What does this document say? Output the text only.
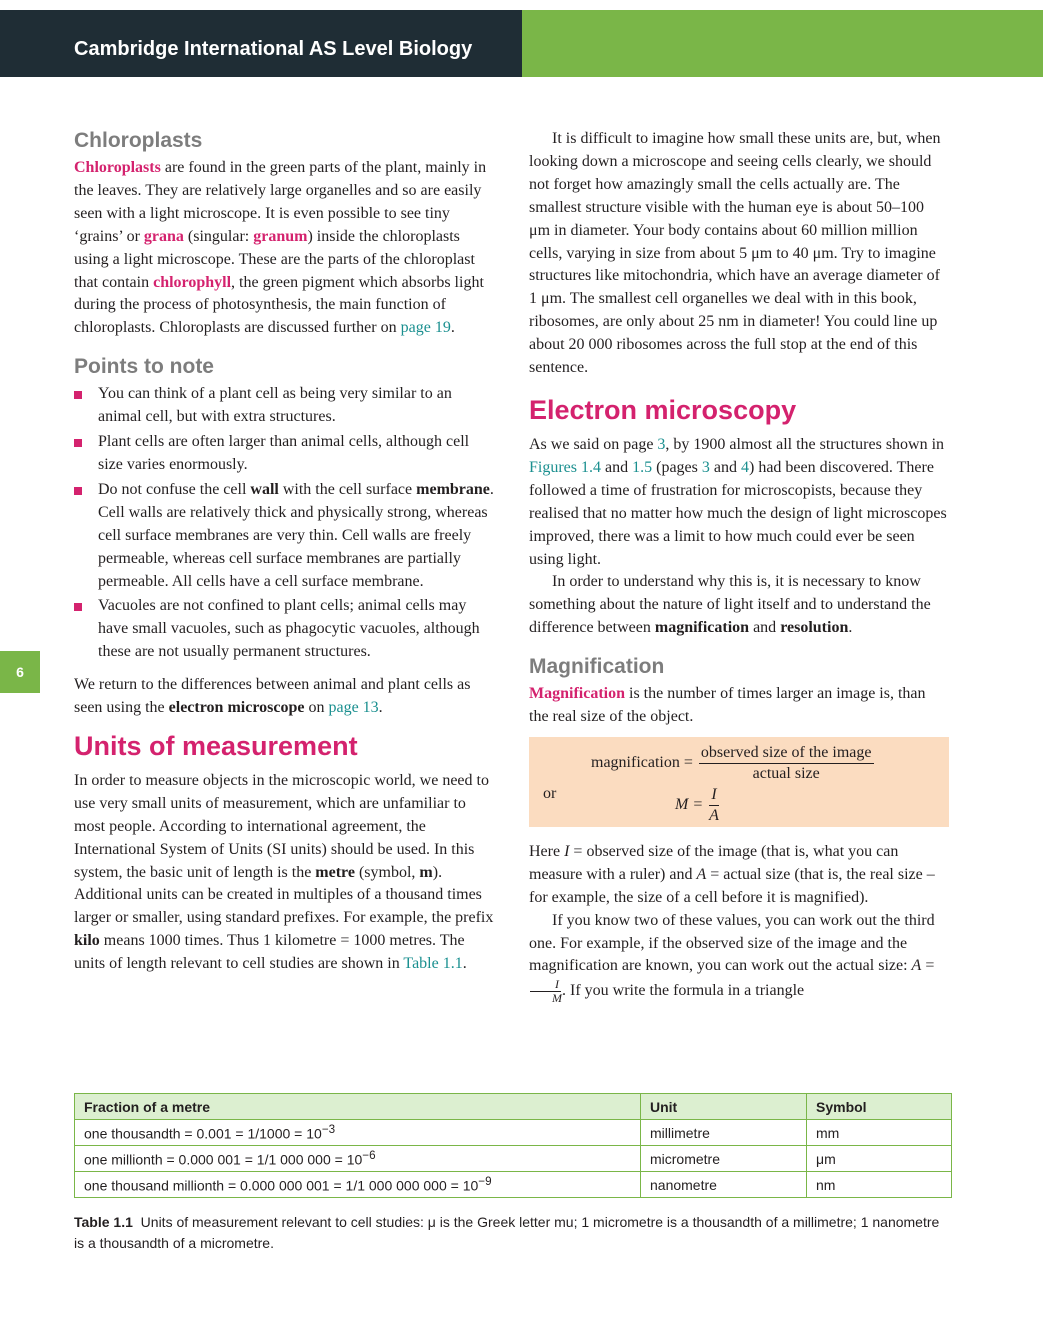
Cambridge International AS Level Biology
6
Chloroplasts

Chloroplasts are found in the green parts of the plant, mainly in the leaves. They are relatively large organelles and so are easily seen with a light microscope. It is even possible to see tiny ‘grains’ or grana (singular: granum) inside the chloroplasts using a light microscope. These are the parts of the chloroplast that contain chlorophyll, the green pigment which absorbs light during the process of photosynthesis, the main function of chloroplasts. Chloroplasts are discussed further on page 19.

Points to note
You can think of a plant cell as being very similar to an animal cell, but with extra structures.
Plant cells are often larger than animal cells, although cell size varies enormously.
Do not confuse the cell wall with the cell surface membrane. Cell walls are relatively thick and physically strong, whereas cell surface membranes are very thin. Cell walls are freely permeable, whereas cell surface membranes are partially permeable. All cells have a cell surface membrane.
Vacuoles are not confined to plant cells; animal cells may have small vacuoles, such as phagocytic vacuoles, although these are not usually permanent structures.

We return to the differences between animal and plant cells as seen using the electron microscope on page 13.

Units of measurement

In order to measure objects in the microscopic world, we need to use very small units of measurement, which are unfamiliar to most people. According to international agreement, the International System of Units (SI units) should be used. In this system, the basic unit of length is the metre (symbol, m). Additional units can be created in multiples of a thousand times larger or smaller, using standard prefixes. For example, the prefix kilo means 1000 times. Thus 1 kilometre = 1000 metres. The units of length relevant to cell studies are shown in Table 1.1.

It is difficult to imagine how small these units are, but, when looking down a microscope and seeing cells clearly, we should not forget how amazingly small the cells actually are. The smallest structure visible with the human eye is about 50–100 μm in diameter. Your body contains about 60 million million cells, varying in size from about 5 μm to 40 μm. Try to imagine structures like mitochondria, which have an average diameter of 1 μm. The smallest cell organelles we deal with in this book, ribosomes, are only about 25 nm in diameter! You could line up about 20 000 ribosomes across the full stop at the end of this sentence.

Electron microscopy

As we said on page 3, by 1900 almost all the structures shown in Figures 1.4 and 1.5 (pages 3 and 4) had been discovered. There followed a time of frustration for microscopists, because they realised that no matter how much the design of light microscopes improved, there was a limit to how much could ever be seen using light.

In order to understand why this is, it is necessary to know something about the nature of light itself and to understand the difference between magnification and resolution.

Magnification

Magnification is the number of times larger an image is, than the real size of the object.

magnification = $\frac{\text{observed size of the image}}{\text{actual size}}$
or
$M = \frac{I}{A}$

Here I = observed size of the image (that is, what you can measure with a ruler) and A = actual size (that is, the real size – for example, the size of a cell before it is magnified).

If you know two of these values, you can work out the third one. For example, if the observed size of the image and the magnification are known, you can work out the actual size: A =
$\frac{I}{M}$ . If you write the formula in a triangle

Fraction of a metre	Unit	Symbol
one thousandth = $0.001 = 1/1000 = 10^{-3}$	millimetre	mm
one millionth = 0.000 001 = 1/1 000 $000 = 10^{-6}$	micrometre	μm
one thousand millionth = 0.000 000 001 = 1/1 000 000 $000 = 10^{-9}$	nanometre	nm
Table 1.1 Units of measurement relevant to cell studies: μ is the Greek letter mu; 1 micrometre is a thousandth of a millimetre; 1 nanometre is a thousandth of a micrometre.
